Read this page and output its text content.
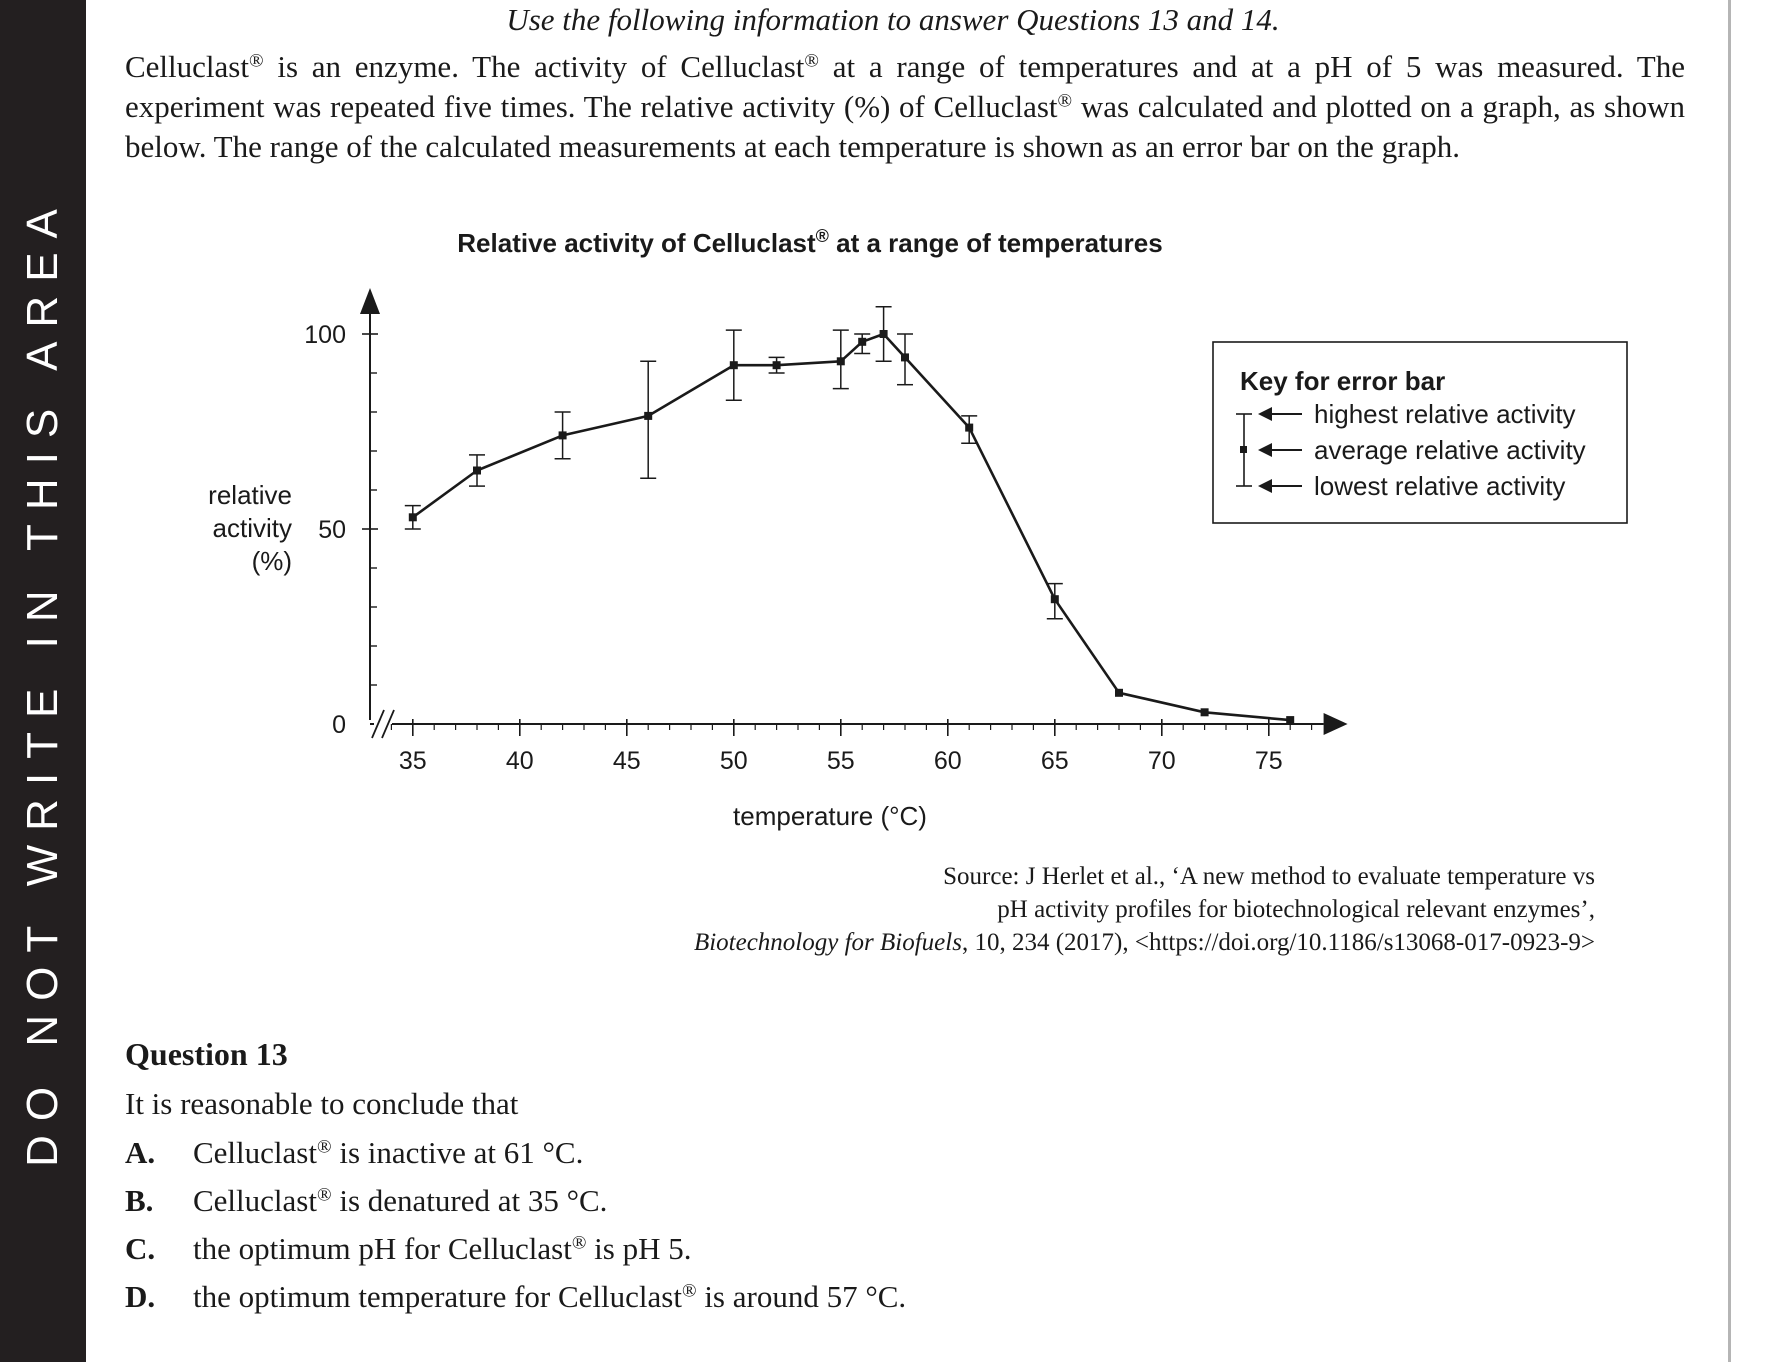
DO NOT WRITE IN THIS AREA
Use the following information to answer Questions 13 and 14.
Celluclast® is an enzyme. The activity of Celluclast® at a range of temperatures and at a pH of 5 was measured. The experiment was repeated five times. The relative activity (%) of Celluclast® was calculated and plotted on a graph, as shown below. The range of the calculated measurements at each temperature is shown as an error bar on the graph.
Relative activity of Celluclast® at a range of temperatures
relative
activity
(%)
temperature (°C)
0
50
100
35	40	45	50	55	60	65	70	75
Key for error bar
highest relative activity
average relative activity
lowest relative activity
Source: J Herlet et al., ‘A new method to evaluate temperature vs
pH activity profiles for biotechnological relevant enzymes’,
Biotechnology for Biofuels, 10, 234 (2017), <https://doi.org/10.1186/s13068-017-0923-9>
Question 13
It is reasonable to conclude that
A. Celluclast® is inactive at 61 °C.
B. Celluclast® is denatured at 35 °C.
C. the optimum pH for Celluclast® is pH 5.
D. the optimum temperature for Celluclast® is around 57 °C.
